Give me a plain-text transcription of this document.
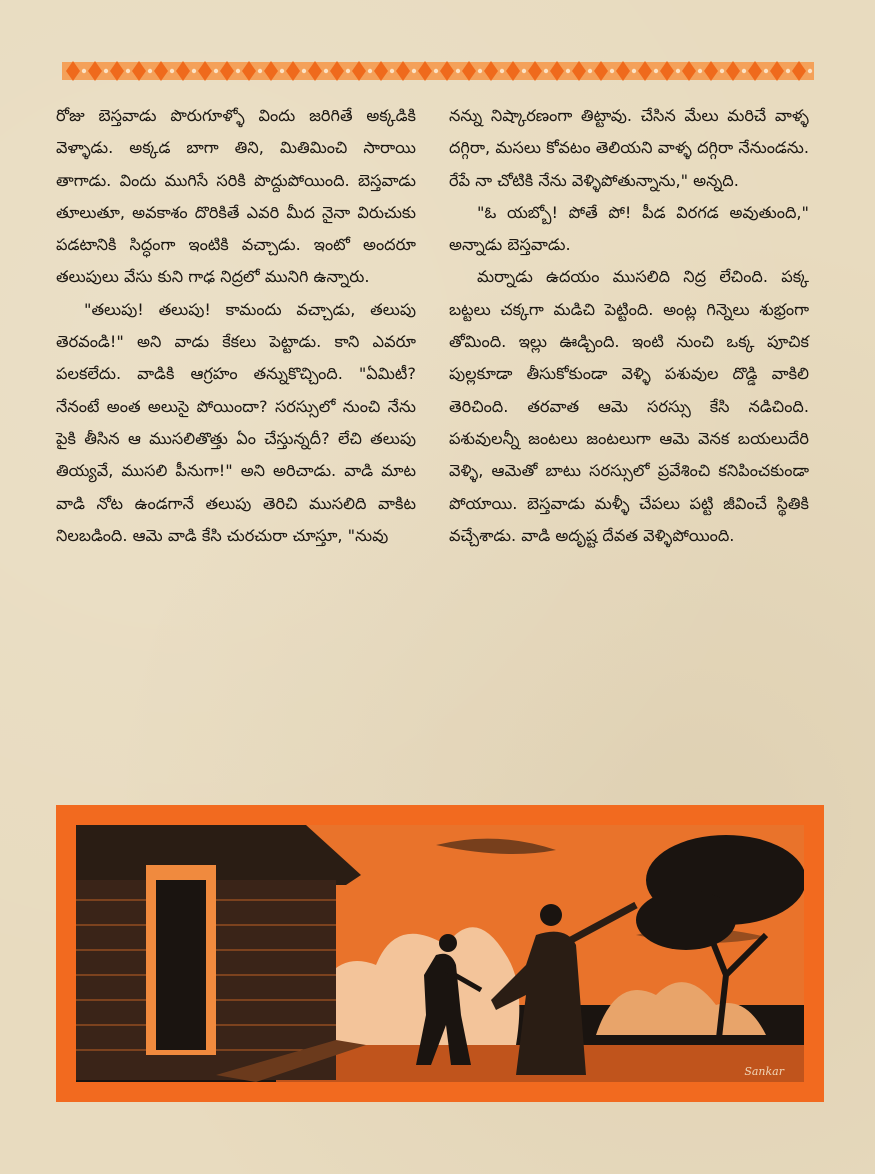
రోజు బెస్తవాడు పొరుగూళ్ళో విందు జరిగితే అక్కడికి వెళ్ళాడు. అక్కడ బాగా తిని, మితిమించి సారాయి తాగాడు. విందు ముగిసే సరికి పొద్దుపోయింది. బెస్తవాడు తూలుతూ, అవకాశం దొరికితే ఎవరి మీద నైనా విరుచుకు పడటానికి సిద్ధంగా ఇంటికి వచ్చాడు. ఇంటో అందరూ తలుపులు వేసు కుని గాఢ నిద్రలో మునిగి ఉన్నారు.

"తలుపు! తలుపు! కామందు వచ్చాడు, తలుపు తెరవండి!" అని వాడు కేకలు పెట్టాడు. కాని ఎవరూ పలకలేదు. వాడికి ఆగ్రహం తన్నుకొచ్చింది. "ఏమిటీ? నేనంటే అంత అలుసై పోయిందా? సరస్సులో నుంచి నేను పైకి తీసిన ఆ ముసలితొత్తు ఏం చేస్తున్నదీ? లేచి తలుపు తియ్యవే, ముసలి పీనుగా!" అని అరిచాడు. వాడి మాట వాడి నోట ఉండగానే తలుపు తెరిచి ముసలిది వాకిట నిలబడింది. ఆమె వాడి కేసి చురచురా చూస్తూ, "నువు

నన్ను నిష్కారణంగా తిట్టావు. చేసిన మేలు మరిచే వాళ్ళ దగ్గిరా, మసలు కోవటం తెలియని వాళ్ళ దగ్గిరా నేనుండను. రేపే నా చోటికి నేను వెళ్ళిపోతున్నాను," అన్నది.

"ఓ యబ్బో! పోతే పో! పీడ విరగడ అవుతుంది," అన్నాడు బెస్తవాడు.

మర్నాడు ఉదయం ముసలిది నిద్ర లేచింది. పక్క బట్టలు చక్కగా మడిచి పెట్టింది. అంట్ల గిన్నెలు శుభ్రంగా తోమింది. ఇల్లు ఊడ్చింది. ఇంటి నుంచి ఒక్క పూచిక పుల్లకూడా తీసుకోకుండా వెళ్ళి పశువుల దొడ్డి వాకిలి తెరిచింది. తరవాత ఆమె సరస్సు కేసి నడిచింది. పశువులన్నీ జంటలు జంటలుగా ఆమె వెనక బయలుదేరి వెళ్ళి, ఆమెతో బాటు సరస్సులో ప్రవేశించి కనిపించకుండా పోయాయి. బెస్తవాడు మళ్ళీ చేపలు పట్టి జీవించే స్థితికి వచ్చేశాడు. వాడి అదృష్ట దేవత వెళ్ళిపోయింది.

Sankar
